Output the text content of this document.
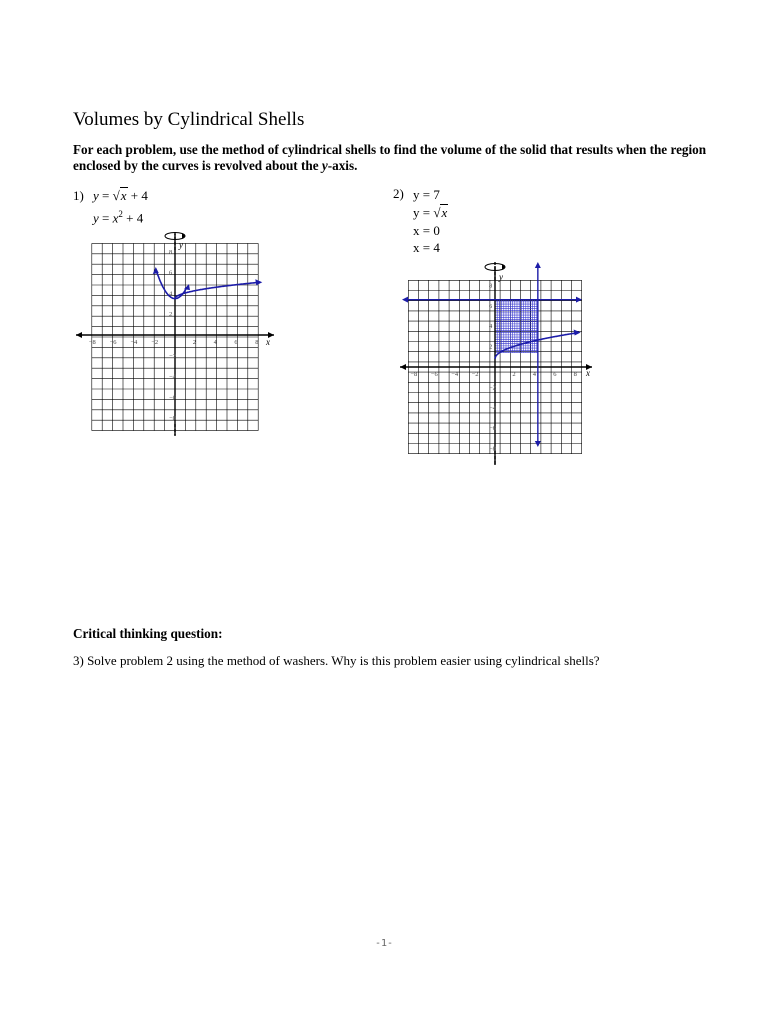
Volumes by Cylindrical Shells
For each problem, use the method of cylindrical shells to find the volume of the solid that results when the region enclosed by the curves is revolved about the y-axis.
1) y = √x + 4
$y = x^2 + 4$
2) y = 7
y = √x
x = 0
x = 4
y
x
−8 −6 −4 −2	2	4	6	8
8
6
4
2
−2
−4
−6
−8
y
x
−8 −6 −4 −2	2	4	6	8
8
6
4
2
−2
−4
−6
−8
Critical thinking question:
3) Solve problem 2 using the method of washers. Why is this problem easier using cylindrical shells?
-1-
